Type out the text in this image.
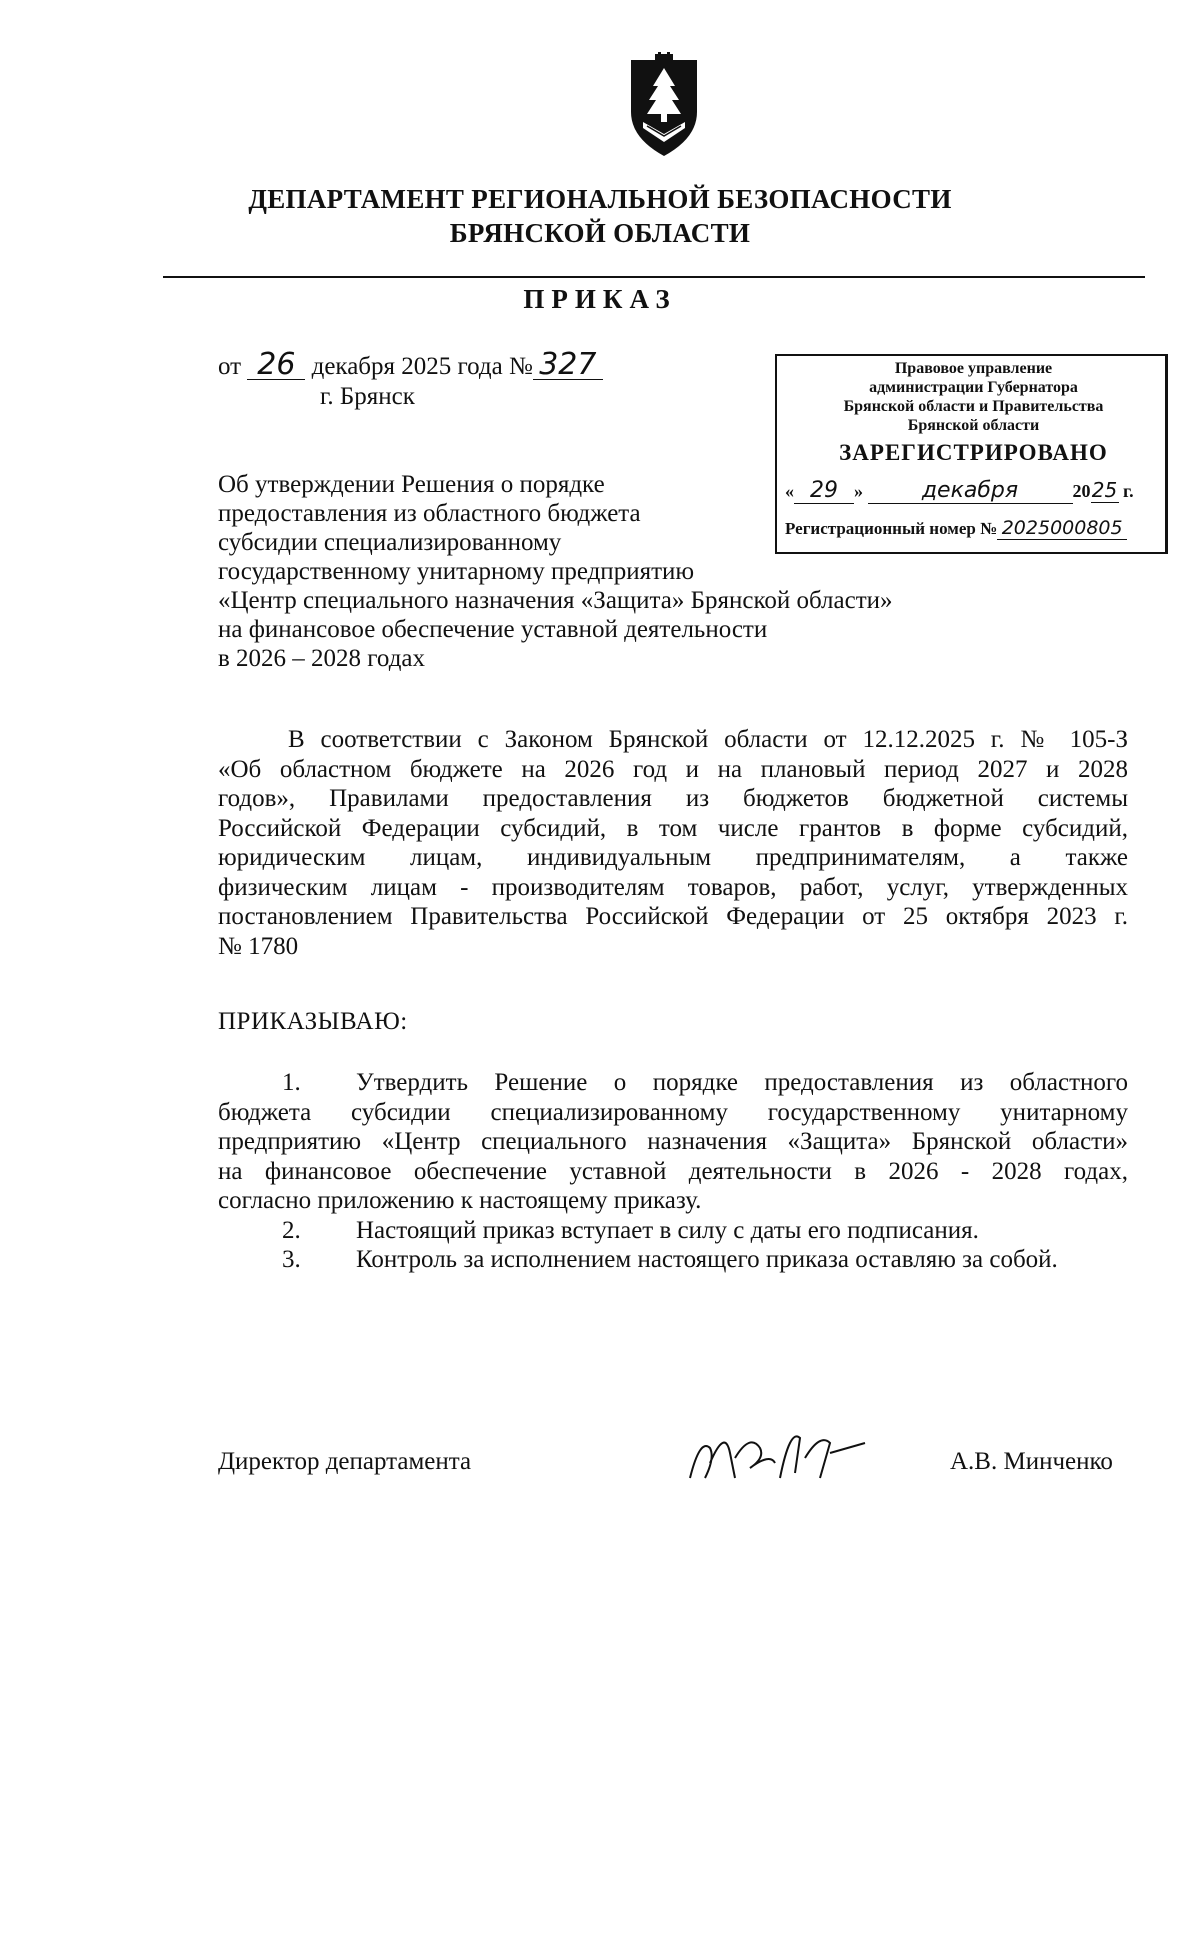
ДЕПАРТАМЕНТ РЕГИОНАЛЬНОЙ БЕЗОПАСНОСТИ
БРЯНСКОЙ ОБЛАСТИ
ПРИКАЗ
от 26 декабря 2025 года № 327
г. Брянск
Правовое управление
администрации Губернатора
Брянской области и Правительства
Брянской области
ЗАРЕГИСТРИРОВАНО
« 29 »	декабря	2025 г.
Регистрационный номер № 2025000805
Об утверждении Решения о порядке
предоставления из областного бюджета
субсидии специализированному
государственному унитарному предприятию
«Центр специального назначения «Защита» Брянской области»
на финансовое обеспечение уставной деятельности
в 2026 – 2028 годах
В соответствии с Законом Брянской области от 12.12.2025 г. № 105-З
«Об областном бюджете на 2026 год и на плановый период 2027 и 2028
годов», Правилами предоставления из бюджетов бюджетной системы
Российской Федерации субсидий, в том числе грантов в форме субсидий,
юридическим лицам, индивидуальным предпринимателям, а также
физическим лицам - производителям товаров, работ, услуг, утвержденных
постановлением Правительства Российской Федерации от 25 октября 2023 г.
№ 1780
ПРИКАЗЫВАЮ:
Утвердить Решение о порядке предоставления из областного
1.
бюджета субсидии специализированному государственному унитарному
предприятию «Центр специального назначения «Защита» Брянской области»
на финансовое обеспечение уставной деятельности в 2026 - 2028 годах,
согласно приложению к настоящему приказу.
2. Настоящий приказ вступает в силу с даты его подписания.
3. Контроль за исполнением настоящего приказа оставляю за собой.
Директор департамента	А.В. Минченко
